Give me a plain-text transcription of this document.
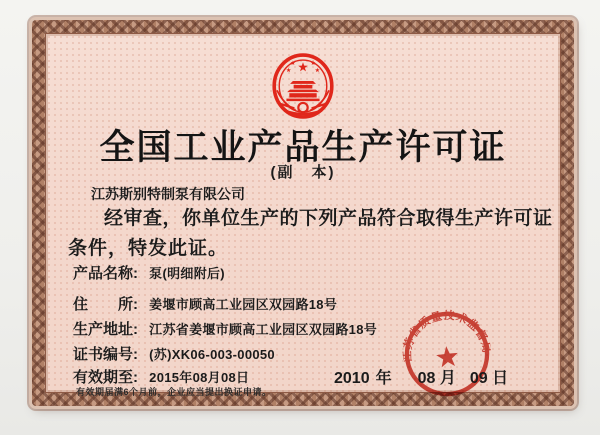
全国工业产品生产许可证
(副　本)
江苏斯别特制泵有限公司
经审查，你单位生产的下列产品符合取得生产许可证
条件，特发此证。
产品名称: 泵(明细附后)
住　　所: 姜堰市顾高工业园区双园路18号
生产地址: 江苏省姜堰市顾高工业园区双园路18号
证书编号: (苏)XK06-003-00050
有效期至: 2015年08月08日
有效期届满6个月前，企业应当提出换证申请。
2010 年 08 月 09 日
江苏省质量技术监督局
